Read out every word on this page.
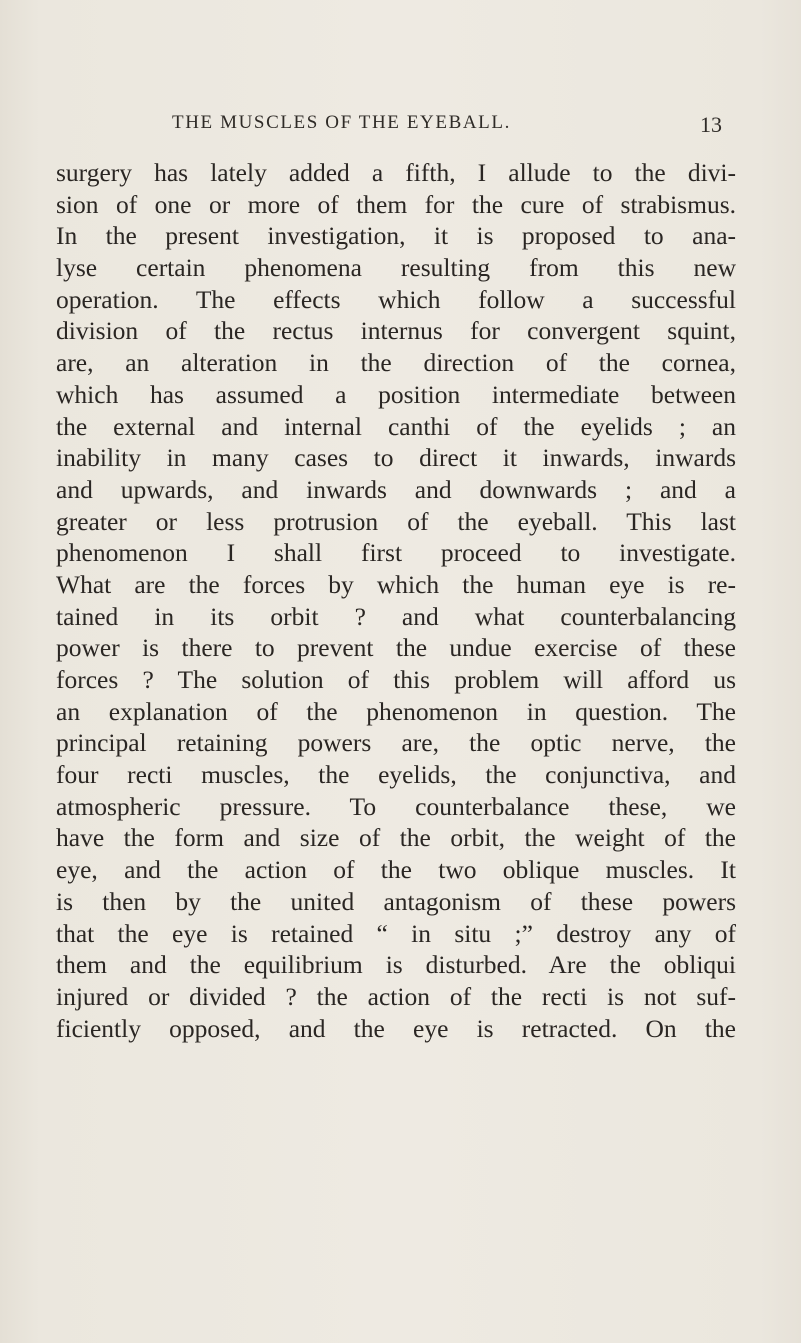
THE MUSCLES OF THE EYEBALL.	13
surgery has lately added a fifth, I allude to the divi-
sion of one or more of them for the cure of strabismus.
In the present investigation, it is proposed to ana-
lyse certain phenomena resulting from this new
operation. The effects which follow a successful
division of the rectus internus for convergent squint,
are, an alteration in the direction of the cornea,
which has assumed a position intermediate between
the external and internal canthi of the eyelids ; an
inability in many cases to direct it inwards, inwards
and upwards, and inwards and downwards ; and a
greater or less protrusion of the eyeball. This last
phenomenon I shall first proceed to investigate.
What are the forces by which the human eye is re-
tained in its orbit ? and what counterbalancing
power is there to prevent the undue exercise of these
forces ? The solution of this problem will afford us
an explanation of the phenomenon in question. The
principal retaining powers are, the optic nerve, the
four recti muscles, the eyelids, the conjunctiva, and
atmospheric pressure. To counterbalance these, we
have the form and size of the orbit, the weight of the
eye, and the action of the two oblique muscles. It
is then by the united antagonism of these powers
that the eye is retained “ in situ ;” destroy any of
them and the equilibrium is disturbed. Are the obliqui
injured or divided ? the action of the recti is not suf-
ficiently opposed, and the eye is retracted. On the
